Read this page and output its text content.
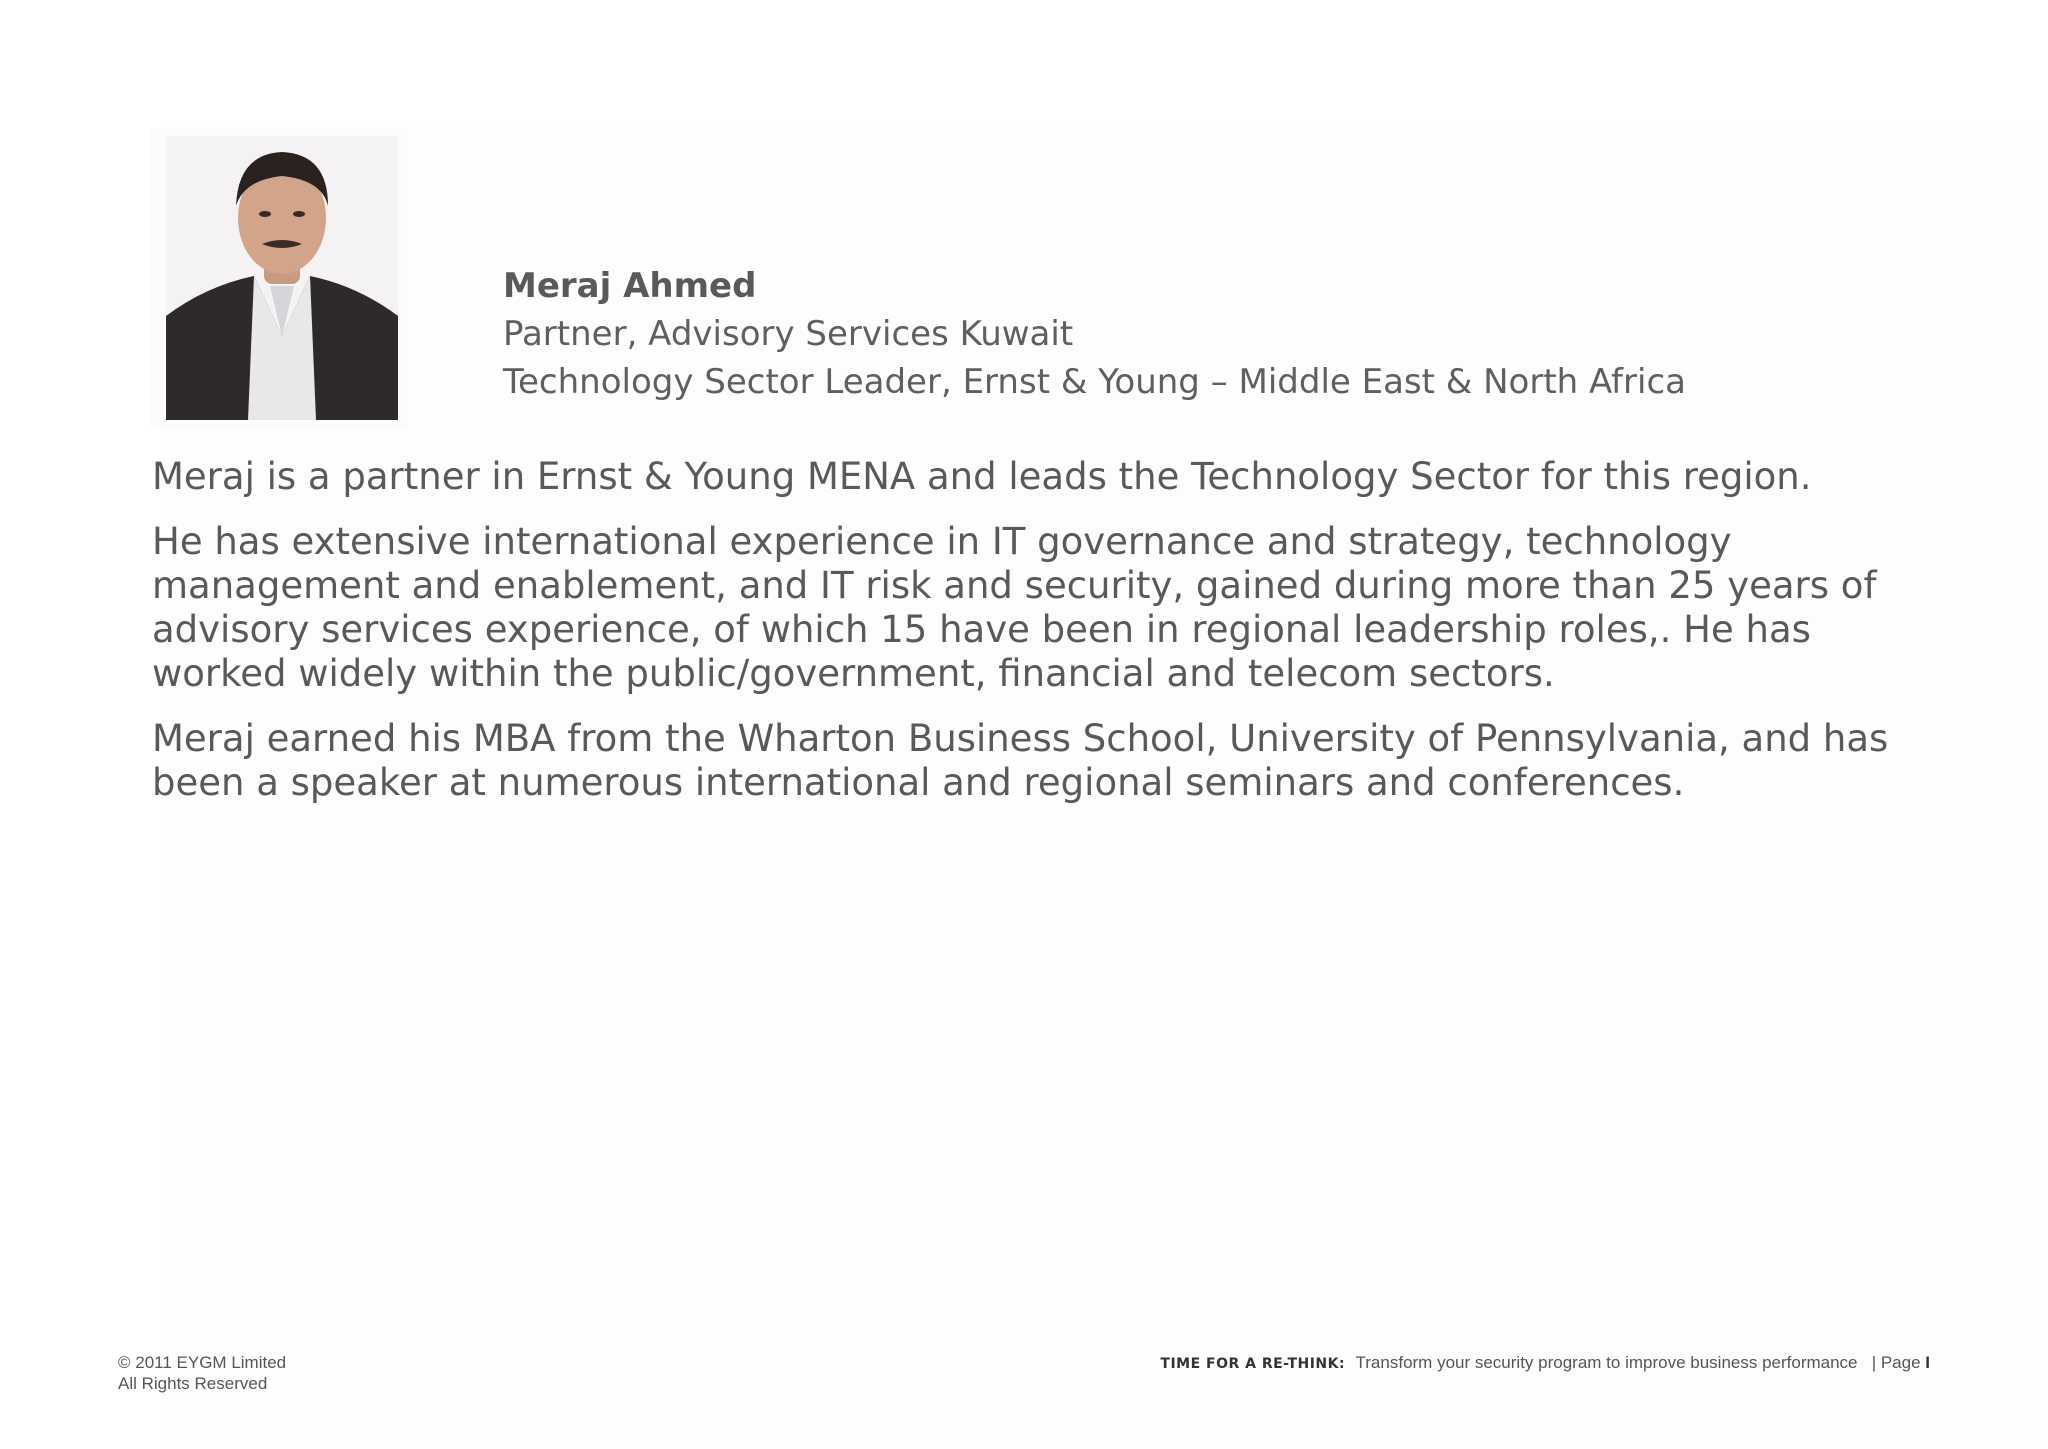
Meraj Ahmed
Partner, Advisory Services Kuwait
Technology Sector Leader, Ernst & Young – Middle East & North Africa

Meraj is a partner in Ernst & Young MENA and leads the Technology Sector for this region.

He has extensive international experience in IT governance and strategy, technology management and enablement, and IT risk and security, gained during more than 25 years of advisory services experience, of which 15 have been in regional leadership roles,. He has worked widely within the public/government, financial and telecom sectors.

Meraj earned his MBA from the Wharton Business School, University of Pennsylvania, and has been a speaker at numerous international and regional seminars and conferences.

© 2011 EYGM Limited
All Rights Reserved
TIME FOR A RE-THINK: Transform your security program to improve business performance | Page I
